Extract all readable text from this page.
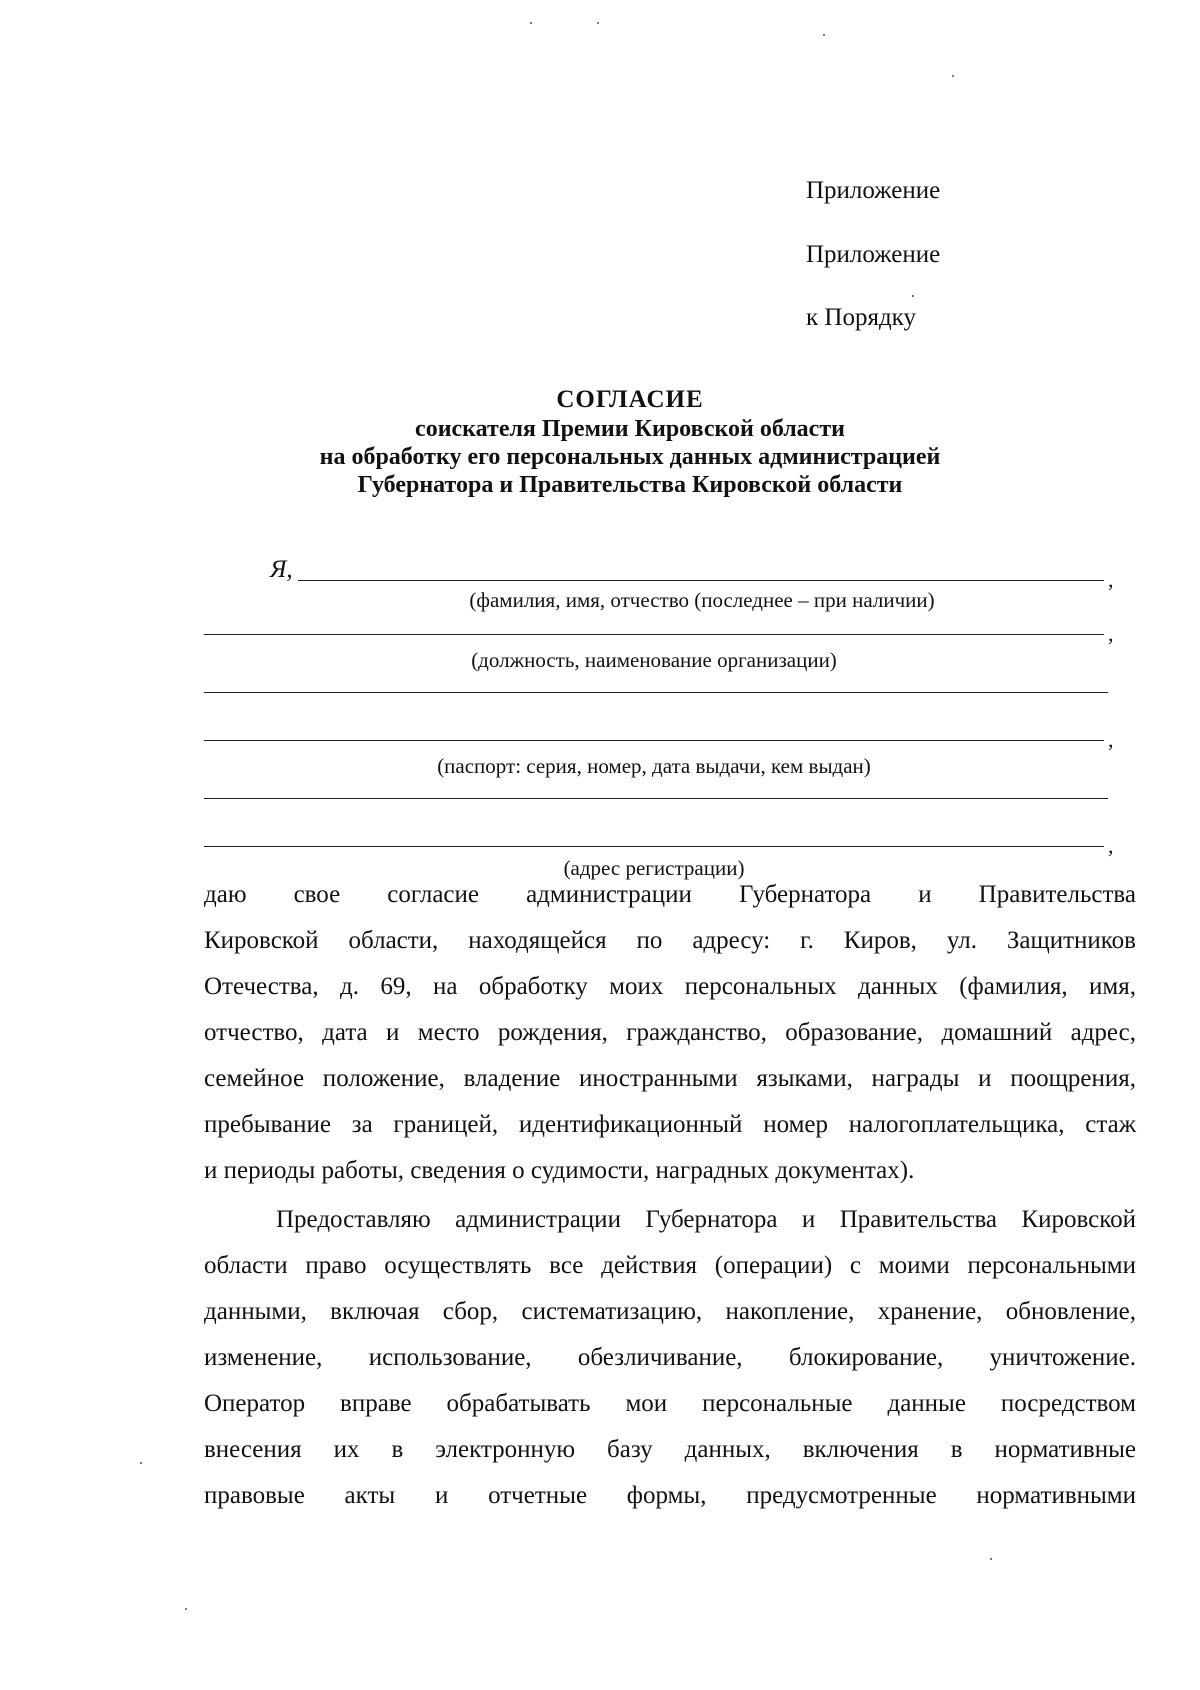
Приложение
Приложение
к Порядку
СОГЛАСИЕ
соискателя Премии Кировской области
на обработку его персональных данных администрацией
Губернатора и Правительства Кировской области
Я,	,
(фамилия, имя, отчество (последнее – при наличии)
,
(должность, наименование организации)
,
(паспорт: серия, номер, дата выдачи, кем выдан)
,
(адрес регистрации)
даю свое согласие администрации Губернатора и Правительства
Кировской области, находящейся по адресу: г. Киров, ул. Защитников
Отечества, д. 69, на обработку моих персональных данных (фамилия, имя,
отчество, дата и место рождения, гражданство, образование, домашний адрес,
семейное положение, владение иностранными языками, награды и поощрения,
пребывание за границей, идентификационный номер налогоплательщика, стаж
и периоды работы, сведения о судимости, наградных документах).
Предоставляю администрации Губернатора и Правительства Кировской
области право осуществлять все действия (операции) с моими персональными
данными, включая сбор, систематизацию, накопление, хранение, обновление,
изменение, использование, обезличивание, блокирование, уничтожение.
Оператор вправе обрабатывать мои персональные данные посредством
внесения их в электронную базу данных, включения в нормативные
правовые акты и отчетные формы, предусмотренные нормативными
